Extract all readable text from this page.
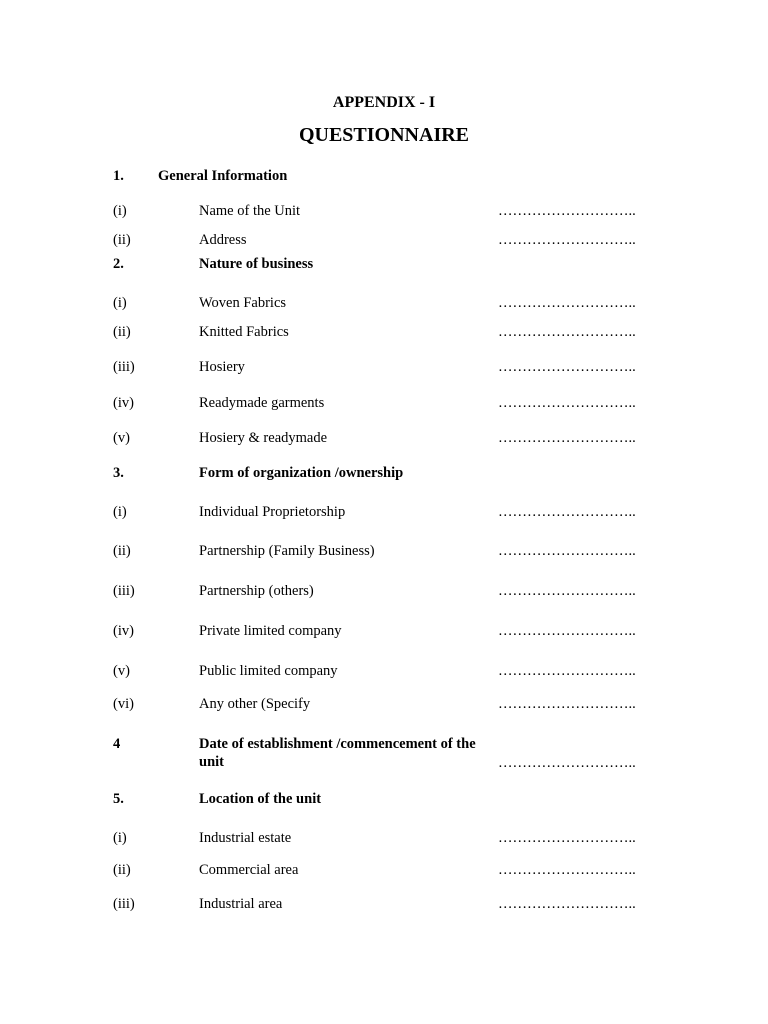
APPENDIX - I
QUESTIONNAIRE
1. General Information
(i)	Name of the Unit	………………………..
(ii)	Address	………………………..
2.	Nature of business
(i)	Woven Fabrics	………………………..
(ii)	Knitted Fabrics	………………………..
(iii)	Hosiery	………………………..
(iv)	Readymade garments	………………………..
(v)	Hosiery & readymade	………………………..
3.	Form of organization /ownership
(i)	Individual Proprietorship	………………………..
(ii)	Partnership (Family Business)	………………………..
(iii)	Partnership (others)	………………………..
(iv)	Private limited company	………………………..
(v)	Public limited company	………………………..
(vi)	Any other (Specify	………………………..
4	Date of establishment /commencement of the unit	………………………..
5.	Location of the unit
(i)	Industrial estate	………………………..
(ii)	Commercial area	………………………..
(iii)	Industrial area	………………………..
